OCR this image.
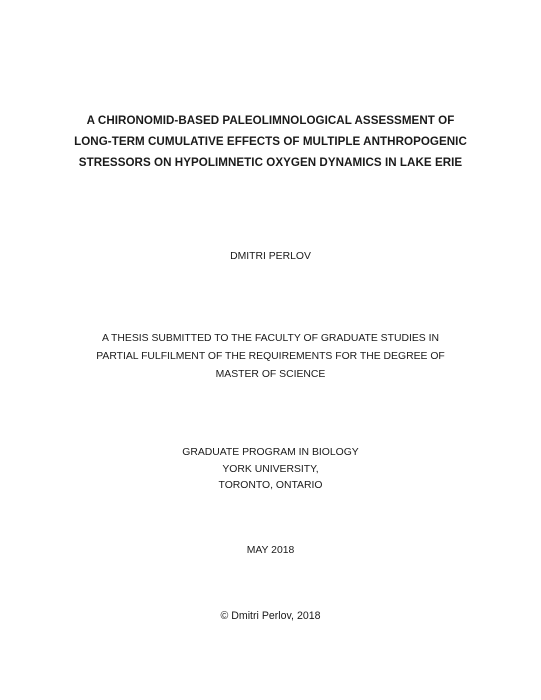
A CHIRONOMID-BASED PALEOLIMNOLOGICAL ASSESSMENT OF
LONG-TERM CUMULATIVE EFFECTS OF MULTIPLE ANTHROPOGENIC
STRESSORS ON HYPOLIMNETIC OXYGEN DYNAMICS IN LAKE ERIE
DMITRI PERLOV
A THESIS SUBMITTED TO THE FACULTY OF GRADUATE STUDIES IN
PARTIAL FULFILMENT OF THE REQUIREMENTS FOR THE DEGREE OF
MASTER OF SCIENCE
GRADUATE PROGRAM IN BIOLOGY
YORK UNIVERSITY,
TORONTO, ONTARIO
MAY 2018
© Dmitri Perlov, 2018
